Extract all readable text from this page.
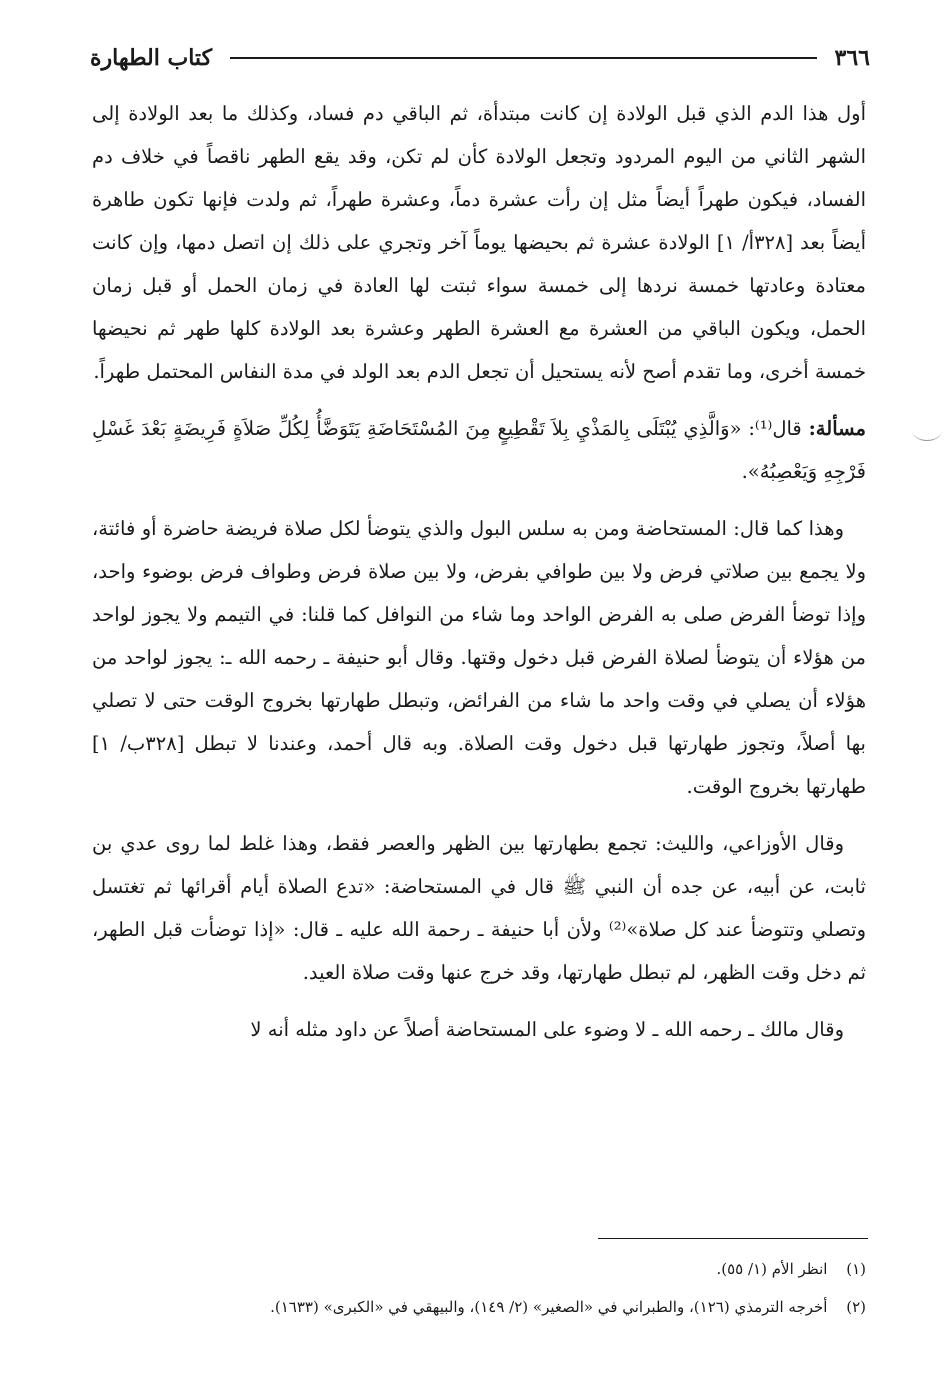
٣٦٦
كتاب الطهارة

أول هذا الدم الذي قبل الولادة إن كانت مبتدأة، ثم الباقي دم فساد، وكذلك ما بعد الولادة إلى الشهر الثاني من اليوم المردود وتجعل الولادة كأن لم تكن، وقد يقع الطهر ناقصاً في خلاف دم الفساد، فيكون طهراً أيضاً مثل إن رأت عشرة دماً، وعشرة طهراً، ثم ولدت فإنها تكون طاهرة أيضاً بعد [٣٢٨أ/ ١] الولادة عشرة ثم بحيضها يوماً آخر وتجري على ذلك إن اتصل دمها، وإن كانت معتادة وعادتها خمسة نردها إلى خمسة سواء ثبتت لها العادة في زمان الحمل أو قبل زمان الحمل، ويكون الباقي من العشرة مع العشرة الطهر وعشرة بعد الولادة كلها طهر ثم نحيضها خمسة أخرى، وما تقدم أصح لأنه يستحيل أن تجعل الدم بعد الولد في مدة النفاس المحتمل طهراً.

مسألة: قال⁽¹⁾: «وَالَّذِي يُبْتَلَى بِالمَذْيِ بِلاَ تَقْطِيعٍ مِنَ المُسْتَحَاضَةِ يَتَوَضَّأُ لِكُلِّ صَلاَةٍ فَرِيضَةٍ بَعْدَ غَسْلِ فَرْجِهِ وَيَعْصِبُهُ».

وهذا كما قال: المستحاضة ومن به سلس البول والذي يتوضأ لكل صلاة فريضة حاضرة أو فائتة، ولا يجمع بين صلاتي فرض ولا بين طوافي بفرض، ولا بين صلاة فرض وطواف فرض بوضوء واحد، وإذا توضأ الفرض صلى به الفرض الواحد وما شاء من النوافل كما قلنا: في التيمم ولا يجوز لواحد من هؤلاء أن يتوضأ لصلاة الفرض قبل دخول وقتها. وقال أبو حنيفة ـ رحمه الله ـ: يجوز لواحد من هؤلاء أن يصلي في وقت واحد ما شاء من الفرائض، وتبطل طهارتها بخروج الوقت حتى لا تصلي بها أصلاً، وتجوز طهارتها قبل دخول وقت الصلاة. وبه قال أحمد، وعندنا لا تبطل [٣٢٨ب/ ١] طهارتها بخروج الوقت.

وقال الأوزاعي، والليث: تجمع بطهارتها بين الظهر والعصر فقط، وهذا غلط لما روى عدي بن ثابت، عن أبيه، عن جده أن النبي ﷺ قال في المستحاضة: «تدع الصلاة أيام أقرائها ثم تغتسل وتصلي وتتوضأ عند كل صلاة»⁽²⁾ ولأن أبا حنيفة ـ رحمة الله عليه ـ قال: «إذا توضأت قبل الطهر، ثم دخل وقت الظهر، لم تبطل طهارتها، وقد خرج عنها وقت صلاة العيد.

وقال مالك ـ رحمه الله ـ لا وضوء على المستحاضة أصلاً عن داود مثله أنه لا

(١) انظر الأم (١/ ٥٥).
(٢) أخرجه الترمذي (١٢٦)، والطبراني في «الصغير» (٢/ ١٤٩)، والبيهقي في «الكبرى» (١٦٣٣).
